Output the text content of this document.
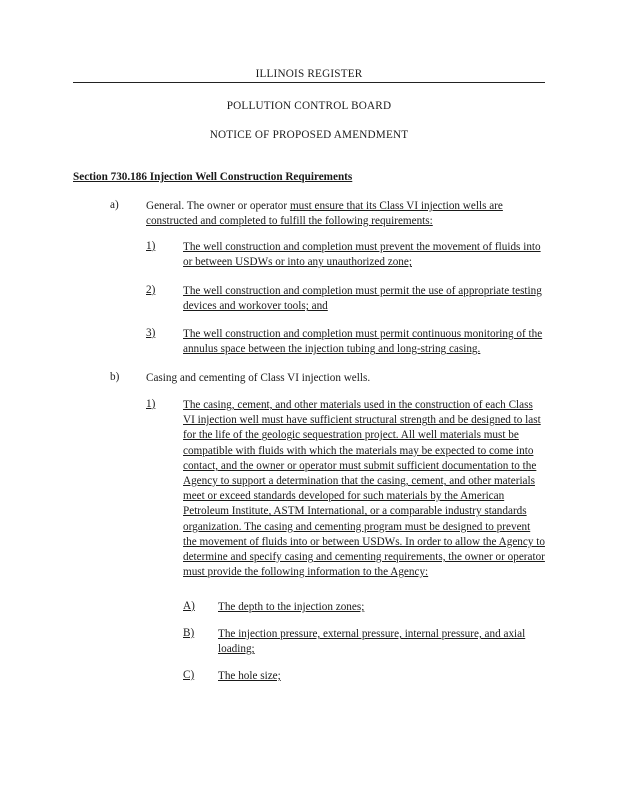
ILLINOIS REGISTER
POLLUTION CONTROL BOARD
NOTICE OF PROPOSED AMENDMENT
Section 730.186 Injection Well Construction Requirements
a) General. The owner or operator must ensure that its Class VI injection wells are constructed and completed to fulfill the following requirements:
1) The well construction and completion must prevent the movement of fluids into or between USDWs or into any unauthorized zone;
2) The well construction and completion must permit the use of appropriate testing devices and workover tools; and
3) The well construction and completion must permit continuous monitoring of the annulus space between the injection tubing and long-string casing.
b) Casing and cementing of Class VI injection wells.
1) The casing, cement, and other materials used in the construction of each Class VI injection well must have sufficient structural strength and be designed to last for the life of the geologic sequestration project. All well materials must be compatible with fluids with which the materials may be expected to come into contact, and the owner or operator must submit sufficient documentation to the Agency to support a determination that the casing, cement, and other materials meet or exceed standards developed for such materials by the American Petroleum Institute, ASTM International, or a comparable industry standards organization. The casing and cementing program must be designed to prevent the movement of fluids into or between USDWs. In order to allow the Agency to determine and specify casing and cementing requirements, the owner or operator must provide the following information to the Agency:
A) The depth to the injection zones;
B) The injection pressure, external pressure, internal pressure, and axial loading;
C) The hole size;
